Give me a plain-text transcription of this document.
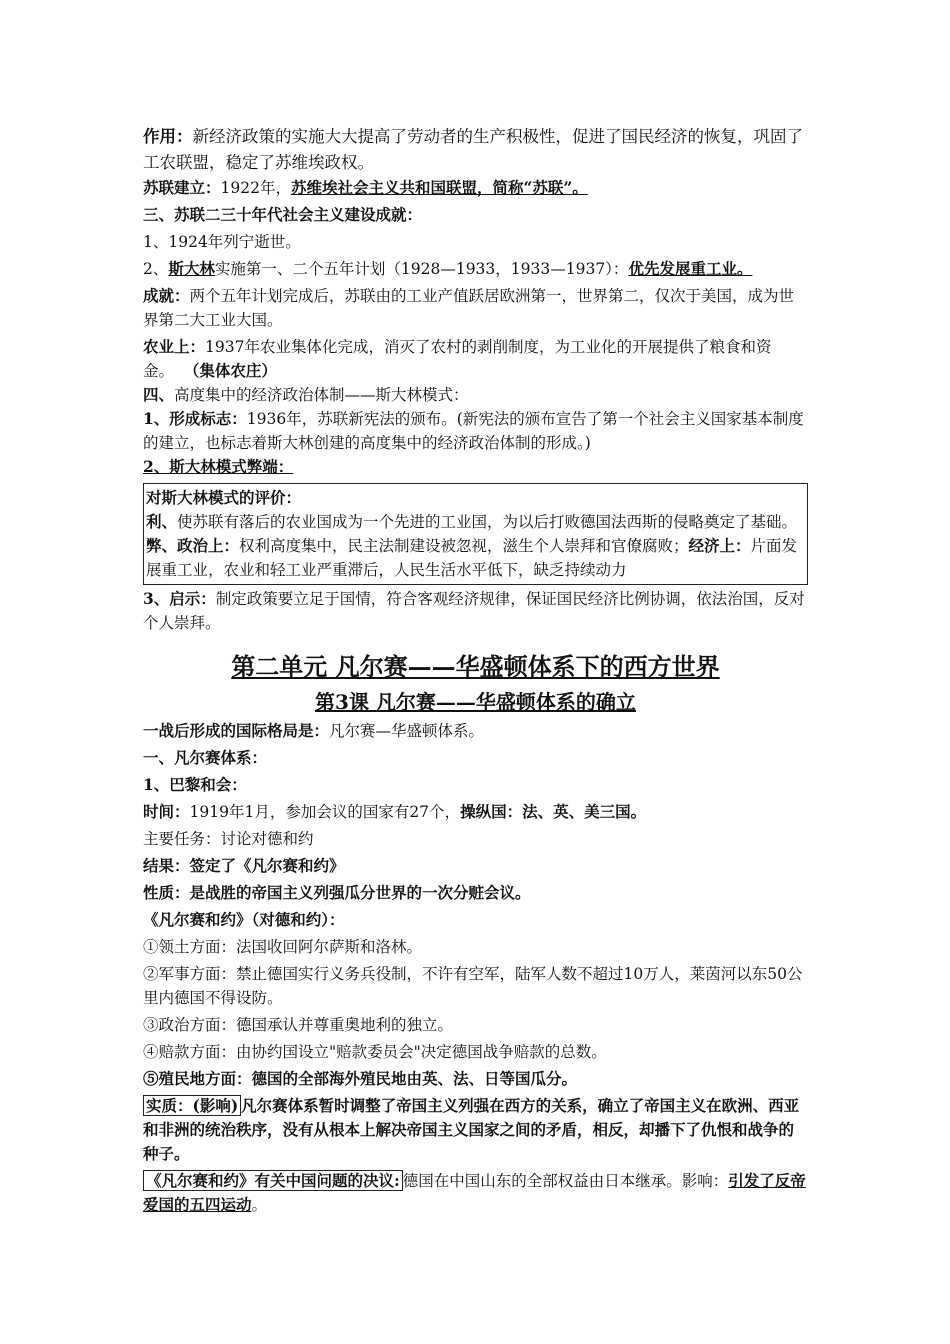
作用：新经济政策的实施大大提高了劳动者的生产积极性，促进了国民经济的恢复，巩固了工农联盟，稳定了苏维埃政权。

苏联建立：1922年，苏维埃社会主义共和国联盟，简称“苏联”。

三、苏联二三十年代社会主义建设成就：

1、1924年列宁逝世。

2、斯大林实施第一、二个五年计划（1928—1933，1933—1937）：优先发展重工业。

成就：两个五年计划完成后，苏联由的工业产值跃居欧洲第一，世界第二，仅次于美国，成为世界第二大工业大国。

农业上：1937年农业集体化完成，消灭了农村的剥削制度，为工业化的开展提供了粮食和资金。 （集体农庄）

四、高度集中的经济政治体制——斯大林模式：

1、形成标志：1936年，苏联新宪法的颁布。(新宪法的颁布宣告了第一个社会主义国家基本制度的建立，也标志着斯大林创建的高度集中的经济政治体制的形成。)

2、斯大林模式弊端：

对斯大林模式的评价：

利、使苏联有落后的农业国成为一个先进的工业国，为以后打败德国法西斯的侵略奠定了基础。

弊、政治上：权利高度集中，民主法制建设被忽视，滋生个人崇拜和官僚腐败；经济上：片面发展重工业，农业和轻工业严重滞后，人民生活水平低下，缺乏持续动力

3、启示：制定政策要立足于国情，符合客观经济规律，保证国民经济比例协调，依法治国，反对个人崇拜。

第二单元 凡尔赛——华盛顿体系下的西方世界
第3课 凡尔赛——华盛顿体系的确立

一战后形成的国际格局是：凡尔赛—华盛顿体系。

一、凡尔赛体系：

1、巴黎和会：

时间：1919年1月，参加会议的国家有27个，操纵国：法、英、美三国。

主要任务：讨论对德和约

结果：签定了《凡尔赛和约》

性质：是战胜的帝国主义列强瓜分世界的一次分赃会议。

《凡尔赛和约》（对德和约）：

①领土方面：法国收回阿尔萨斯和洛林。

②军事方面：禁止德国实行义务兵役制，不许有空军，陆军人数不超过10万人，莱茵河以东50公里内德国不得设防。

③政治方面：德国承认并尊重奥地利的独立。

④赔款方面：由协约国设立"赔款委员会"决定德国战争赔款的总数。

⑤殖民地方面：德国的全部海外殖民地由英、法、日等国瓜分。

实质：(影响) 凡尔赛体系暂时调整了帝国主义列强在西方的关系，确立了帝国主义在欧洲、西亚和非洲的统治秩序，没有从根本上解决帝国主义国家之间的矛盾，相反，却播下了仇恨和战争的种子。

《凡尔赛和约》有关中国问题的决议: 德国在中国山东的全部权益由日本继承。影响：引发了反帝爱国的五四运动。
